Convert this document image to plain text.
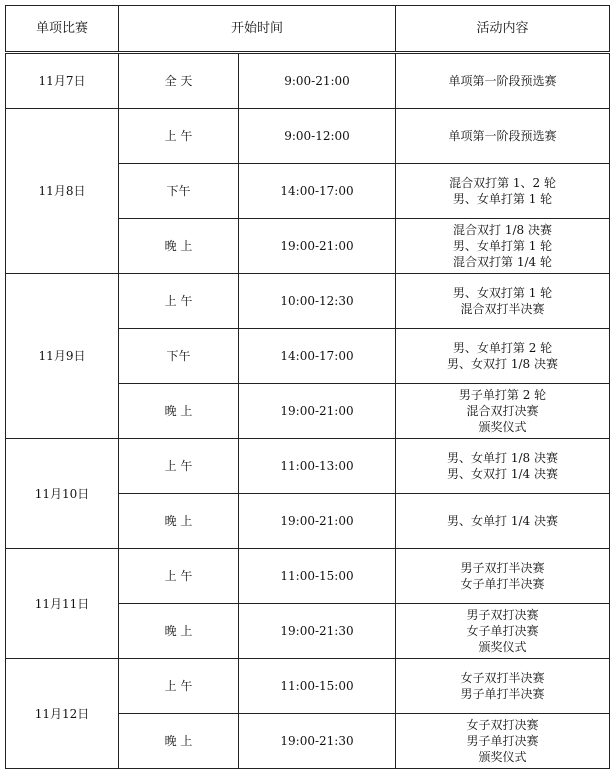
单项比赛	开始时间		活动内容
11月7日	全 天	9:00-21:00	单项第一阶段预选赛
11月8日	上 午	9:00-12:00	单项第一阶段预选赛
	下午	14:00-17:00	混合双打第 1、2 轮
男、女单打第 1 轮
	晚 上	19:00-21:00	混合双打 1/8 决赛
男、女单打第 1 轮
混合双打第 1/4 轮
11月9日	上 午	10:00-12:30	男、女双打第 1 轮
混合双打半决赛
	下午	14:00-17:00	男、女单打第 2 轮
男、女双打 1/8 决赛
	晚 上	19:00-21:00	男子单打第 2 轮
混合双打决赛
颁奖仪式
11月10日	上 午	11:00-13:00	男、女单打 1/8 决赛
男、女双打 1/4 决赛
	晚 上	19:00-21:00	男、女单打 1/4 决赛
11月11日	上 午	11:00-15:00	男子双打半决赛
女子单打半决赛
	晚 上	19:00-21:30	男子双打决赛
女子单打决赛
颁奖仪式
11月12日	上 午	11:00-15:00	女子双打半决赛
男子单打半决赛
	晚 上	19:00-21:30	女子双打决赛
男子单打决赛
颁奖仪式
